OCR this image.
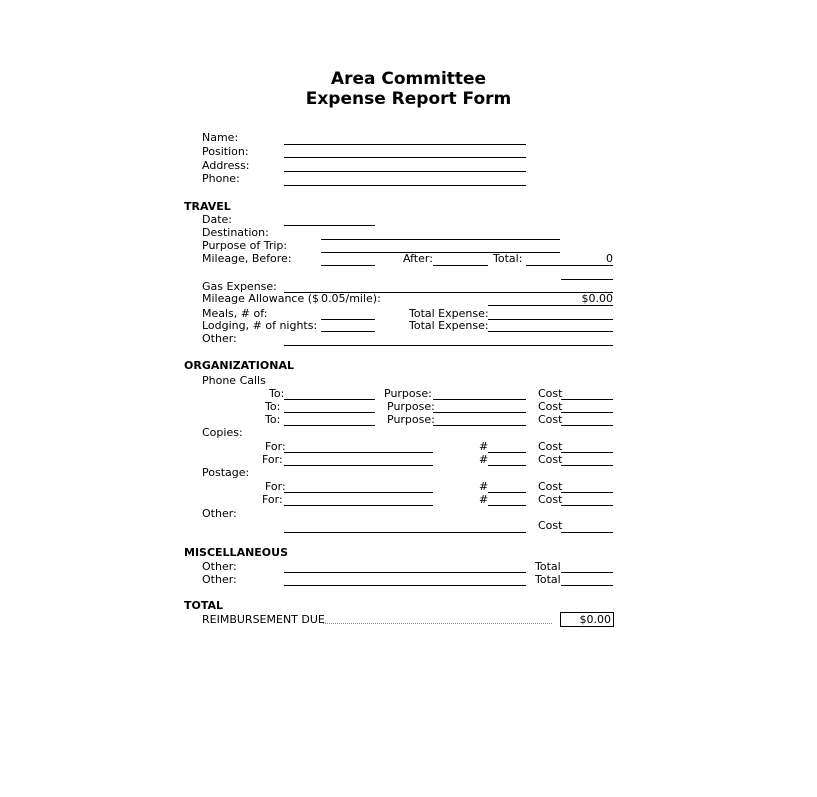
Area Committee
Expense Report Form
Name:
Position:
Address:
Phone:
TRAVEL
Date:
Destination:
Purpose of Trip:
Mileage, Before:	After:	Total:	0
Gas Expense:
Mileage Allowance ($ 0.05/mile):	$0.00
Meals, # of:	Total Expense:
Lodging, # of nights:	Total Expense:
Other:
ORGANIZATIONAL
Phone Calls
To:	Purpose:	Cost
To:	Purpose:	Cost
To:	Purpose:	Cost
Copies:
For:	#	Cost
For:	#	Cost
Postage:
For:	#	Cost
For:	#	Cost
Other:
Cost
MISCELLANEOUS
Other:	Total
Other:	Total
TOTAL
REIMBURSEMENT DUE	$0.00
